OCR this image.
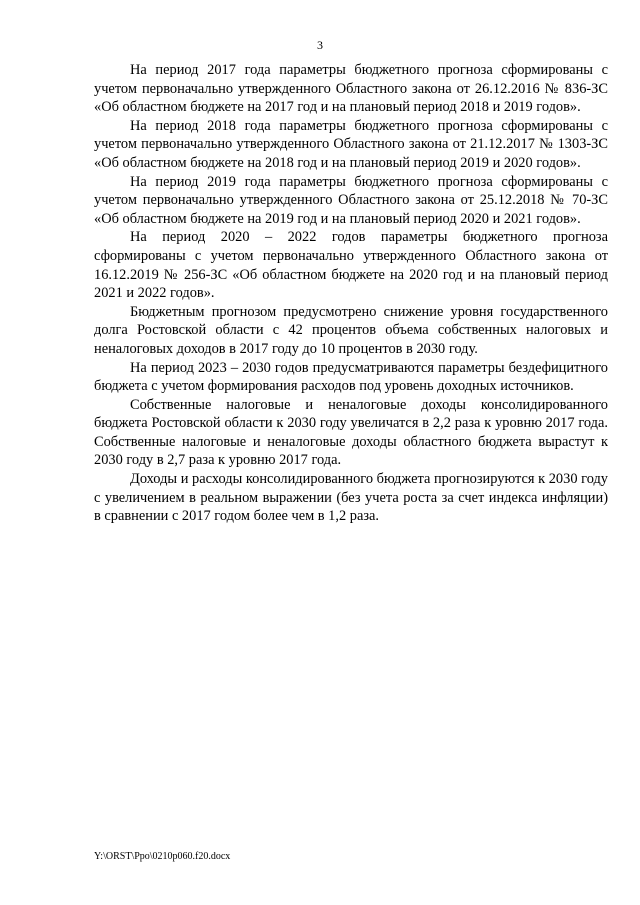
3

На период 2017 года параметры бюджетного прогноза сформированы с учетом первоначально утвержденного Областного закона от 26.12.2016 № 836-ЗС «Об областном бюджете на 2017 год и на плановый период 2018 и 2019 годов».

На период 2018 года параметры бюджетного прогноза сформированы с учетом первоначально утвержденного Областного закона от 21.12.2017 № 1303-ЗС «Об областном бюджете на 2018 год и на плановый период 2019 и 2020 годов».

На период 2019 года параметры бюджетного прогноза сформированы с учетом первоначально утвержденного Областного закона от 25.12.2018 № 70-ЗС «Об областном бюджете на 2019 год и на плановый период 2020 и 2021 годов».

На период 2020 – 2022 годов параметры бюджетного прогноза сформированы с учетом первоначально утвержденного Областного закона от 16.12.2019 № 256-ЗС «Об областном бюджете на 2020 год и на плановый период 2021 и 2022 годов».

Бюджетным прогнозом предусмотрено снижение уровня государственного долга Ростовской области с 42 процентов объема собственных налоговых и неналоговых доходов в 2017 году до 10 процентов в 2030 году.

На период 2023 – 2030 годов предусматриваются параметры бездефицитного бюджета с учетом формирования расходов под уровень доходных источников.

Собственные налоговые и неналоговые доходы консолидированного бюджета Ростовской области к 2030 году увеличатся в 2,2 раза к уровню 2017 года. Собственные налоговые и неналоговые доходы областного бюджета вырастут к 2030 году в 2,7 раза к уровню 2017 года.

Доходы и расходы консолидированного бюджета прогнозируются к 2030 году с увеличением в реальном выражении (без учета роста за счет индекса инфляции) в сравнении с 2017 годом более чем в 1,2 раза.

Y:\ORST\Ppo\0210p060.f20.docx
